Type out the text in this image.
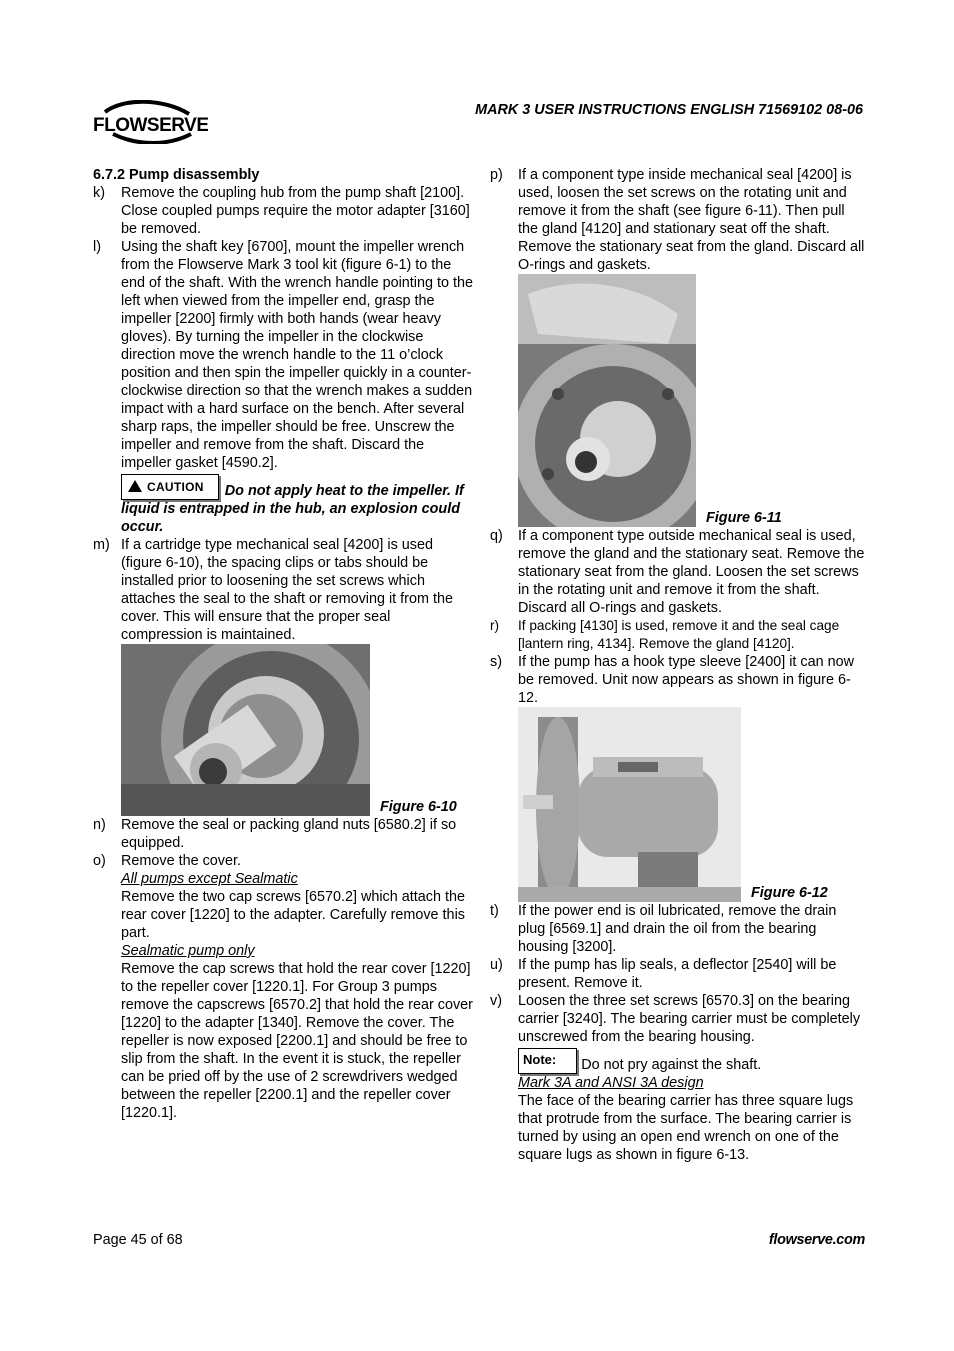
FLOWSERVE
MARK 3 USER INSTRUCTIONS ENGLISH 71569102 08-06
6.7.2 Pump disassembly
k)	Remove the coupling hub from the pump shaft [2100]. Close coupled pumps require the motor adapter [3160] be removed.
l)	Using the shaft key [6700], mount the impeller wrench from the Flowserve Mark 3 tool kit (figure 6-1) to the end of the shaft. With the wrench handle pointing to the left when viewed from the impeller end, grasp the impeller [2200] firmly with both hands (wear heavy gloves). By turning the impeller in the clockwise direction move the wrench handle to the 11 o’clock position and then spin the impeller quickly in a counter-clockwise direction so that the wrench makes a sudden impact with a hard surface on the bench. After several sharp raps, the impeller should be free. Unscrew the impeller and remove from the shaft. Discard the impeller gasket [4590.2].
CAUTION Do not apply heat to the impeller. If liquid is entrapped in the hub, an explosion could occur.
m) If a cartridge type mechanical seal [4200] is used (figure 6-10), the spacing clips or tabs should be installed prior to loosening the set screws which attaches the seal to the shaft or removing it from the cover. This will ensure that the proper seal compression is maintained.
Figure 6-10
n)	Remove the seal or packing gland nuts [6580.2] if so equipped.
o)	Remove the cover.
All pumps except Sealmatic
Remove the two cap screws [6570.2] which attach the rear cover [1220] to the adapter. Carefully remove this part.
Sealmatic pump only
Remove the cap screws that hold the rear cover [1220] to the repeller cover [1220.1]. For Group 3 pumps remove the capscrews [6570.2] that hold the rear cover [1220] to the adapter [1340]. Remove the cover. The repeller is now exposed [2200.1] and should be free to slip from the shaft. In the event it is stuck, the repeller can be pried off by the use of 2 screwdrivers wedged between the repeller [2200.1] and the repeller cover [1220.1].
p)	If a component type inside mechanical seal [4200] is used, loosen the set screws on the rotating unit and remove it from the shaft (see figure 6-11). Then pull the gland [4120] and stationary seat off the shaft. Remove the stationary seat from the gland. Discard all O-rings and gaskets.
Figure 6-11
q)	If a component type outside mechanical seal is used, remove the gland and the stationary seat. Remove the stationary seat from the gland. Loosen the set screws in the rotating unit and remove it from the shaft. Discard all O-rings and gaskets.
r)	If packing [4130] is used, remove it and the seal cage [lantern ring, 4134]. Remove the gland [4120].
s)	If the pump has a hook type sleeve [2400] it can now be removed. Unit now appears as shown in figure 6-12.
Figure 6-12
t)	If the power end is oil lubricated, remove the drain plug [6569.1] and drain the oil from the bearing housing [3200].
u)	If the pump has lip seals, a deflector [2540] will be present. Remove it.
v)	Loosen the three set screws [6570.3] on the bearing carrier [3240]. The bearing carrier must be completely unscrewed from the bearing housing.
Note: Do not pry against the shaft.
Mark 3A and ANSI 3A design
The face of the bearing carrier has three square lugs that protrude from the surface. The bearing carrier is turned by using an open end wrench on one of the square lugs as shown in figure 6-13.
Page 45 of 68	flowserve.com
